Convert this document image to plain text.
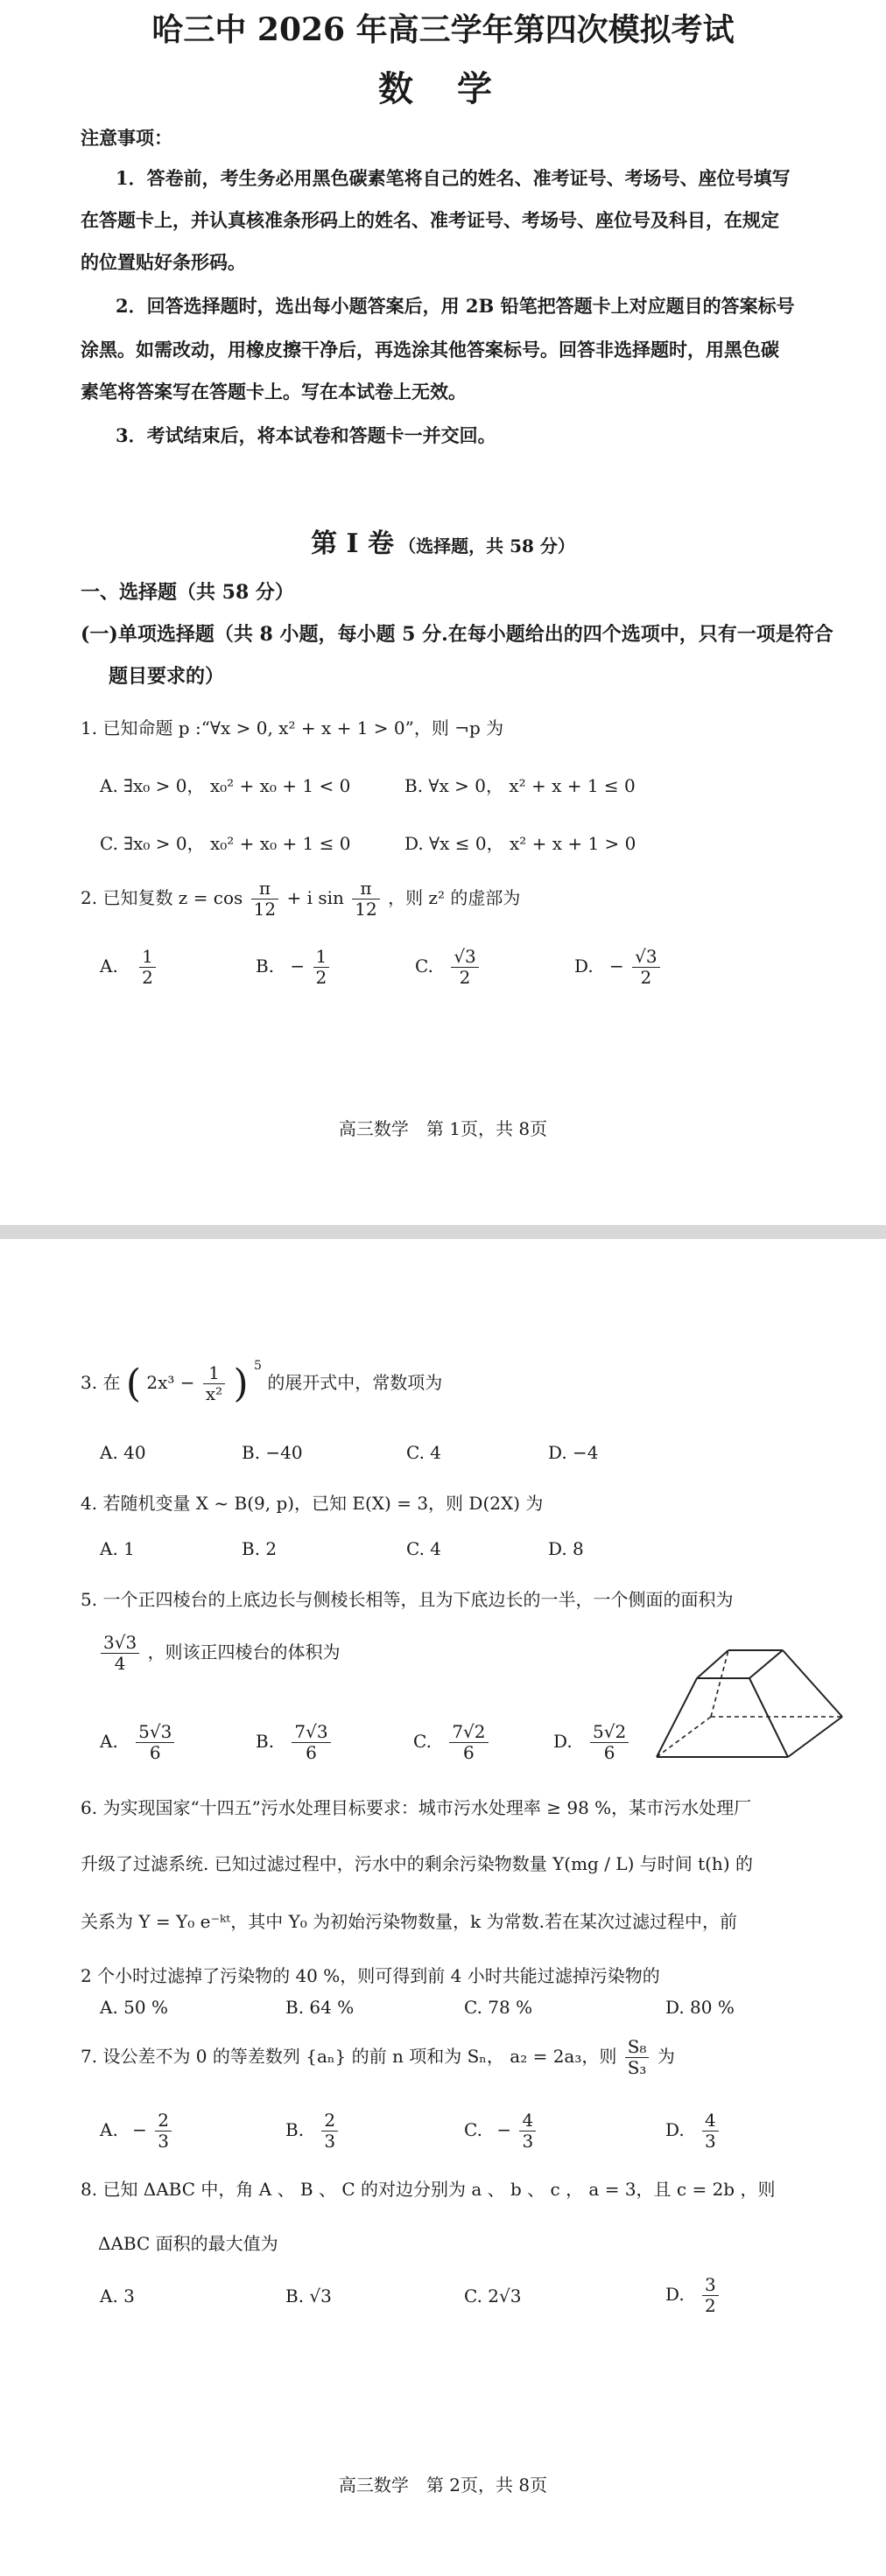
哈三中 2026 年高三学年第四次模拟考试
数 学
注意事项：
1．答卷前，考生务必用黑色碳素笔将自己的姓名、准考证号、考场号、座位号填写
在答题卡上，并认真核准条形码上的姓名、准考证号、考场号、座位号及科目，在规定
的位置贴好条形码。
2．回答选择题时，选出每小题答案后，用 2B 铅笔把答题卡上对应题目的答案标号
涂黑。如需改动，用橡皮擦干净后，再选涂其他答案标号。回答非选择题时，用黑色碳
素笔将答案写在答题卡上。写在本试卷上无效。
3．考试结束后，将本试卷和答题卡一并交回。
第 I 卷 （选择题，共 58 分）
一、选择题（共 58 分）
(一)单项选择题（共 8 小题，每小题 5 分.在每小题给出的四个选项中，只有一项是符合
题目要求的）
1. 已知命题 p :“∀x > 0, x² + x + 1 > 0”，则 ¬p 为
A. ∃x₀ > 0， x₀² + x₀ + 1 < 0	B. ∀x > 0， x² + x + 1 ≤ 0
C. ∃x₀ > 0， x₀² + x₀ + 1 ≤ 0	D. ∀x ≤ 0， x² + x + 1 > 0
2. 已知复数 $z = \cos \frac{\pi}{12} + i$ $\sin \frac{\pi}{12}$ ，则 z² 的虚部为
A. $\frac{1}{2}$	B. − $\frac{1}{2}$	C. $\frac{√3}{2}$	D. − $\frac{√3}{2}$
高三数学　第 1页，共 8页
3. 在 ( $2x^3 - \frac{1}{\text{x²}}$ ) $^5$ 的展开式中，常数项为
A. 40	B. −40	C. 4	D. −4
4. 若随机变量 X ~ B(9, p)，已知 E(X) = 3，则 D(2X) 为
A. 1	B. 2	C. 4	D. 8
5. 一个正四棱台的上底边长与侧棱长相等，且为下底边长的一半，一个侧面的面积为
$\frac{3√3}{4}$ ，则该正四棱台的体积为
A. $\frac{5√3}{6}$	B. $\frac{7√3}{6}$	C. $\frac{7√2}{6}$	D. $\frac{5√2}{6}$
6. 为实现国家“十四五”污水处理目标要求：城市污水处理率 ≥ 98 %，某市污水处理厂
升级了过滤系统. 已知过滤过程中，污水中的剩余污染物数量 Y(mg / L) 与时间 t(h) 的
关系为 Y = Y₀ e⁻ᵏᵗ，其中 Y₀ 为初始污染物数量，k 为常数.若在某次过滤过程中，前
2 个小时过滤掉了污染物的 40 %，则可得到前 4 小时共能过滤掉污染物的
A. 50 %	B. 64 %	C. 78 %	D. 80 %
7. 设公差不为 0 的等差数列 {aₙ} 的前 n 项和为 Sₙ， a₂ = 2a₃，则 $\frac{\text{S₈}}{\text{S₃}}$ 为
A. − $\frac{2}{3}$	B. $\frac{2}{3}$	C. − $\frac{4}{3}$	D. $\frac{4}{3}$
8. 已知 ΔABC 中，角 A 、 B 、 C 的对边分别为 a 、 b 、 c ， a = 3，且 c = 2b ，则
ΔABC 面积的最大值为
A. 3	B. √3	C. 2√3	D. $\frac{3}{2}$
高三数学　第 2页，共 8页
